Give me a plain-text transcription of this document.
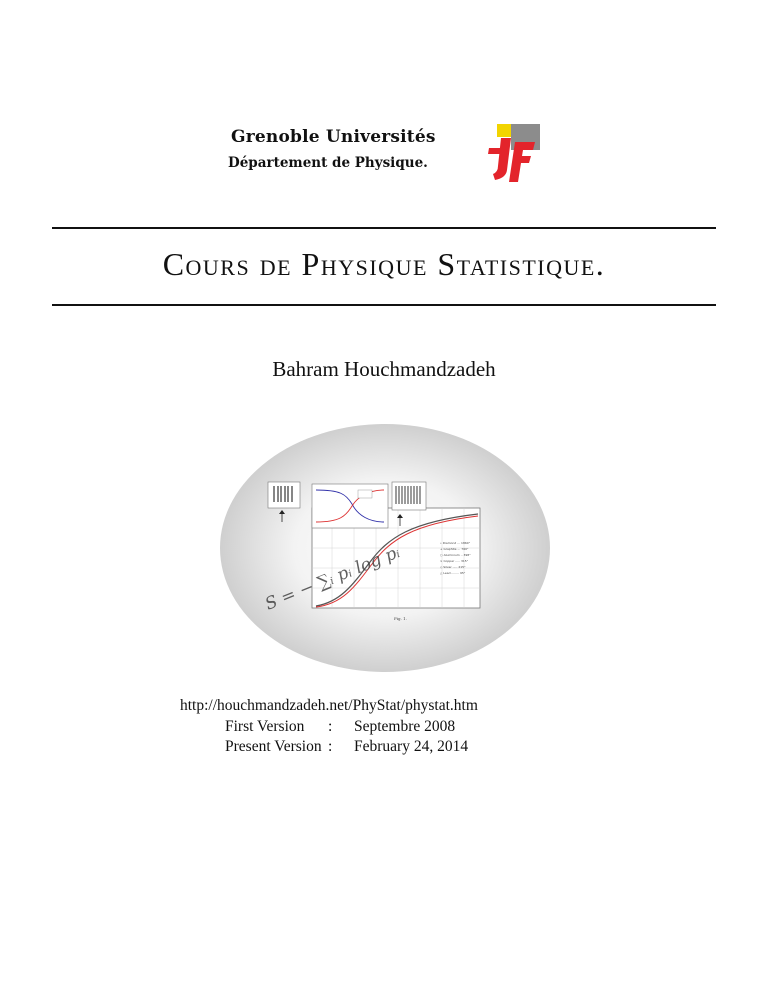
Grenoble Universités
Département de Physique.
Cours de Physique Statistique.
Bahram Houchmandzadeh
• Diamond ... 1860°
+ Graphite ... 760°
○ Aluminium .. 398°
× Copper ..... 315°
◇ Silver ..... 215°
△ Lead ........ 95°
Fig. 1.
S = − ∑ᵢ pᵢ log pᵢ
http://houchmandzadeh.net/PhyStat/phystat.htm
First Version	:	Septembre 2008
Present Version :	February 24, 2014
